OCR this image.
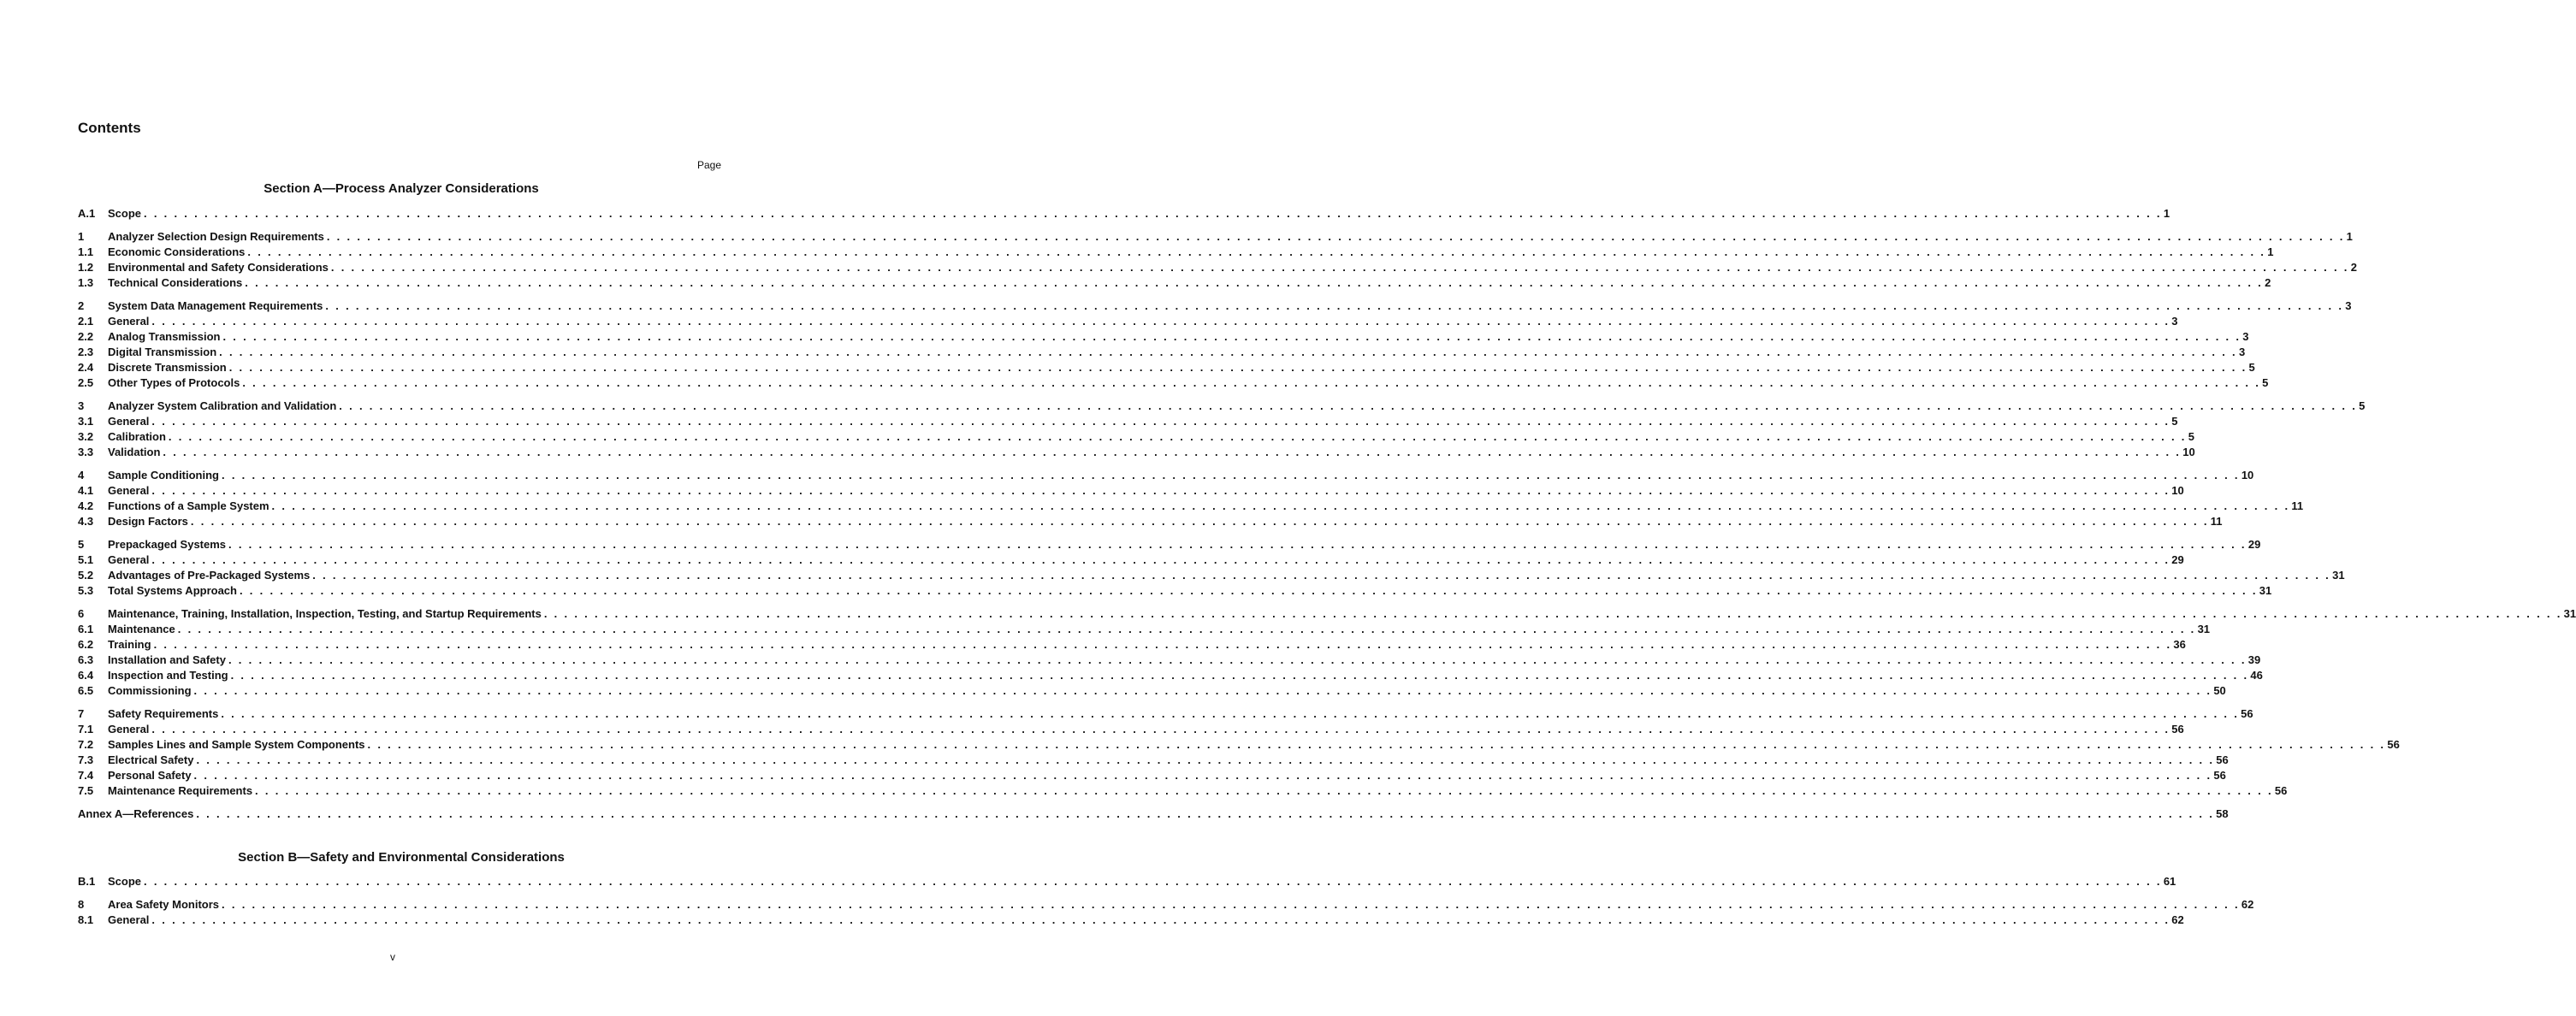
Contents
Page
Section A—Process Analyzer Considerations
A.1	Scope . . . . . . . . . . . . . . . . . . . . . . . . . . . . . . . . . . . . . . . . . . . . . . . . . . . . . . . . . . . . . . . . . . . . . . . . . . . . . . . . . . . . . . . . . . . . . . . . . . . . . . . . . . . . . . . . . . . . . . . . . . . . . . . . . . . . . . . . . . . . . . . . . . . . . . . . . . . . . . . . . . . . . . . . . . . . . . . . . . . . . . . . . . . . . . . . . . . . . . . . 1
1	Analyzer Selection Design Requirements . . . . . . . . . . . . . . . . . . . . . . . . . . . . . . . . . . . . . . . . . . . . . . . . . . . . . . . . . . . . . . . . . . . . . . . . . . . . . . . . . . . . . . . . . . . . . . . . . . . . . . . . . . . . . . . . . . . . . . . . . . . . . . . . . . . . . . . . . . . . . . . . . . . . . . . . . . . . . . . . . . . . . . . . . . . . . . . . . . . . . . . . . . . . . . . . . . . . . . . . 1
1.1	Economic Considerations . . . . . . . . . . . . . . . . . . . . . . . . . . . . . . . . . . . . . . . . . . . . . . . . . . . . . . . . . . . . . . . . . . . . . . . . . . . . . . . . . . . . . . . . . . . . . . . . . . . . . . . . . . . . . . . . . . . . . . . . . . . . . . . . . . . . . . . . . . . . . . . . . . . . . . . . . . . . . . . . . . . . . . . . . . . . . . . . . . . . . . . . . . . . . . . . . . . . . . . . 1
1.2	Environmental and Safety Considerations . . . . . . . . . . . . . . . . . . . . . . . . . . . . . . . . . . . . . . . . . . . . . . . . . . . . . . . . . . . . . . . . . . . . . . . . . . . . . . . . . . . . . . . . . . . . . . . . . . . . . . . . . . . . . . . . . . . . . . . . . . . . . . . . . . . . . . . . . . . . . . . . . . . . . . . . . . . . . . . . . . . . . . . . . . . . . . . . . . . . . . . . . . . . . . . . . . . . . . . . 2
1.3	Technical Considerations . . . . . . . . . . . . . . . . . . . . . . . . . . . . . . . . . . . . . . . . . . . . . . . . . . . . . . . . . . . . . . . . . . . . . . . . . . . . . . . . . . . . . . . . . . . . . . . . . . . . . . . . . . . . . . . . . . . . . . . . . . . . . . . . . . . . . . . . . . . . . . . . . . . . . . . . . . . . . . . . . . . . . . . . . . . . . . . . . . . . . . . . . . . . . . . . . . . . . . . . 2
2	System Data Management Requirements . . . . . . . . . . . . . . . . . . . . . . . . . . . . . . . . . . . . . . . . . . . . . . . . . . . . . . . . . . . . . . . . . . . . . . . . . . . . . . . . . . . . . . . . . . . . . . . . . . . . . . . . . . . . . . . . . . . . . . . . . . . . . . . . . . . . . . . . . . . . . . . . . . . . . . . . . . . . . . . . . . . . . . . . . . . . . . . . . . . . . . . . . . . . . . . . . . . . . . . . 3
2.1	General . . . . . . . . . . . . . . . . . . . . . . . . . . . . . . . . . . . . . . . . . . . . . . . . . . . . . . . . . . . . . . . . . . . . . . . . . . . . . . . . . . . . . . . . . . . . . . . . . . . . . . . . . . . . . . . . . . . . . . . . . . . . . . . . . . . . . . . . . . . . . . . . . . . . . . . . . . . . . . . . . . . . . . . . . . . . . . . . . . . . . . . . . . . . . . . . . . . . . . . . 3
2.2	Analog Transmission . . . . . . . . . . . . . . . . . . . . . . . . . . . . . . . . . . . . . . . . . . . . . . . . . . . . . . . . . . . . . . . . . . . . . . . . . . . . . . . . . . . . . . . . . . . . . . . . . . . . . . . . . . . . . . . . . . . . . . . . . . . . . . . . . . . . . . . . . . . . . . . . . . . . . . . . . . . . . . . . . . . . . . . . . . . . . . . . . . . . . . . . . . . . . . . . . . . . . . . . 3
2.3	Digital Transmission . . . . . . . . . . . . . . . . . . . . . . . . . . . . . . . . . . . . . . . . . . . . . . . . . . . . . . . . . . . . . . . . . . . . . . . . . . . . . . . . . . . . . . . . . . . . . . . . . . . . . . . . . . . . . . . . . . . . . . . . . . . . . . . . . . . . . . . . . . . . . . . . . . . . . . . . . . . . . . . . . . . . . . . . . . . . . . . . . . . . . . . . . . . . . . . . . . . . . . . . 3
2.4	Discrete Transmission . . . . . . . . . . . . . . . . . . . . . . . . . . . . . . . . . . . . . . . . . . . . . . . . . . . . . . . . . . . . . . . . . . . . . . . . . . . . . . . . . . . . . . . . . . . . . . . . . . . . . . . . . . . . . . . . . . . . . . . . . . . . . . . . . . . . . . . . . . . . . . . . . . . . . . . . . . . . . . . . . . . . . . . . . . . . . . . . . . . . . . . . . . . . . . . . . . . . . . . . 5
2.5	Other Types of Protocols . . . . . . . . . . . . . . . . . . . . . . . . . . . . . . . . . . . . . . . . . . . . . . . . . . . . . . . . . . . . . . . . . . . . . . . . . . . . . . . . . . . . . . . . . . . . . . . . . . . . . . . . . . . . . . . . . . . . . . . . . . . . . . . . . . . . . . . . . . . . . . . . . . . . . . . . . . . . . . . . . . . . . . . . . . . . . . . . . . . . . . . . . . . . . . . . . . . . . . . . 5
3	Analyzer System Calibration and Validation . . . . . . . . . . . . . . . . . . . . . . . . . . . . . . . . . . . . . . . . . . . . . . . . . . . . . . . . . . . . . . . . . . . . . . . . . . . . . . . . . . . . . . . . . . . . . . . . . . . . . . . . . . . . . . . . . . . . . . . . . . . . . . . . . . . . . . . . . . . . . . . . . . . . . . . . . . . . . . . . . . . . . . . . . . . . . . . . . . . . . . . . . . . . . . . . . . . . . . . . 5
3.1	General . . . . . . . . . . . . . . . . . . . . . . . . . . . . . . . . . . . . . . . . . . . . . . . . . . . . . . . . . . . . . . . . . . . . . . . . . . . . . . . . . . . . . . . . . . . . . . . . . . . . . . . . . . . . . . . . . . . . . . . . . . . . . . . . . . . . . . . . . . . . . . . . . . . . . . . . . . . . . . . . . . . . . . . . . . . . . . . . . . . . . . . . . . . . . . . . . . . . . . . . 5
3.2	Calibration . . . . . . . . . . . . . . . . . . . . . . . . . . . . . . . . . . . . . . . . . . . . . . . . . . . . . . . . . . . . . . . . . . . . . . . . . . . . . . . . . . . . . . . . . . . . . . . . . . . . . . . . . . . . . . . . . . . . . . . . . . . . . . . . . . . . . . . . . . . . . . . . . . . . . . . . . . . . . . . . . . . . . . . . . . . . . . . . . . . . . . . . . . . . . . . . . . . . . . . . 5
3.3	Validation . . . . . . . . . . . . . . . . . . . . . . . . . . . . . . . . . . . . . . . . . . . . . . . . . . . . . . . . . . . . . . . . . . . . . . . . . . . . . . . . . . . . . . . . . . . . . . . . . . . . . . . . . . . . . . . . . . . . . . . . . . . . . . . . . . . . . . . . . . . . . . . . . . . . . . . . . . . . . . . . . . . . . . . . . . . . . . . . . . . . . . . . . . . . . . . . . . . . . . . . 10
4	Sample Conditioning . . . . . . . . . . . . . . . . . . . . . . . . . . . . . . . . . . . . . . . . . . . . . . . . . . . . . . . . . . . . . . . . . . . . . . . . . . . . . . . . . . . . . . . . . . . . . . . . . . . . . . . . . . . . . . . . . . . . . . . . . . . . . . . . . . . . . . . . . . . . . . . . . . . . . . . . . . . . . . . . . . . . . . . . . . . . . . . . . . . . . . . . . . . . . . . . . . . . . . . . 10
4.1	General . . . . . . . . . . . . . . . . . . . . . . . . . . . . . . . . . . . . . . . . . . . . . . . . . . . . . . . . . . . . . . . . . . . . . . . . . . . . . . . . . . . . . . . . . . . . . . . . . . . . . . . . . . . . . . . . . . . . . . . . . . . . . . . . . . . . . . . . . . . . . . . . . . . . . . . . . . . . . . . . . . . . . . . . . . . . . . . . . . . . . . . . . . . . . . . . . . . . . . . . 10
4.2	Functions of a Sample System . . . . . . . . . . . . . . . . . . . . . . . . . . . . . . . . . . . . . . . . . . . . . . . . . . . . . . . . . . . . . . . . . . . . . . . . . . . . . . . . . . . . . . . . . . . . . . . . . . . . . . . . . . . . . . . . . . . . . . . . . . . . . . . . . . . . . . . . . . . . . . . . . . . . . . . . . . . . . . . . . . . . . . . . . . . . . . . . . . . . . . . . . . . . . . . . . . . . . . . . 11
4.3	Design Factors . . . . . . . . . . . . . . . . . . . . . . . . . . . . . . . . . . . . . . . . . . . . . . . . . . . . . . . . . . . . . . . . . . . . . . . . . . . . . . . . . . . . . . . . . . . . . . . . . . . . . . . . . . . . . . . . . . . . . . . . . . . . . . . . . . . . . . . . . . . . . . . . . . . . . . . . . . . . . . . . . . . . . . . . . . . . . . . . . . . . . . . . . . . . . . . . . . . . . . . . 11
5	Prepackaged Systems . . . . . . . . . . . . . . . . . . . . . . . . . . . . . . . . . . . . . . . . . . . . . . . . . . . . . . . . . . . . . . . . . . . . . . . . . . . . . . . . . . . . . . . . . . . . . . . . . . . . . . . . . . . . . . . . . . . . . . . . . . . . . . . . . . . . . . . . . . . . . . . . . . . . . . . . . . . . . . . . . . . . . . . . . . . . . . . . . . . . . . . . . . . . . . . . . . . . . . . . 29
5.1	General . . . . . . . . . . . . . . . . . . . . . . . . . . . . . . . . . . . . . . . . . . . . . . . . . . . . . . . . . . . . . . . . . . . . . . . . . . . . . . . . . . . . . . . . . . . . . . . . . . . . . . . . . . . . . . . . . . . . . . . . . . . . . . . . . . . . . . . . . . . . . . . . . . . . . . . . . . . . . . . . . . . . . . . . . . . . . . . . . . . . . . . . . . . . . . . . . . . . . . . . 29
5.2	Advantages of Pre-Packaged Systems . . . . . . . . . . . . . . . . . . . . . . . . . . . . . . . . . . . . . . . . . . . . . . . . . . . . . . . . . . . . . . . . . . . . . . . . . . . . . . . . . . . . . . . . . . . . . . . . . . . . . . . . . . . . . . . . . . . . . . . . . . . . . . . . . . . . . . . . . . . . . . . . . . . . . . . . . . . . . . . . . . . . . . . . . . . . . . . . . . . . . . . . . . . . . . . . . . . . . . . . 31
5.3	Total Systems Approach . . . . . . . . . . . . . . . . . . . . . . . . . . . . . . . . . . . . . . . . . . . . . . . . . . . . . . . . . . . . . . . . . . . . . . . . . . . . . . . . . . . . . . . . . . . . . . . . . . . . . . . . . . . . . . . . . . . . . . . . . . . . . . . . . . . . . . . . . . . . . . . . . . . . . . . . . . . . . . . . . . . . . . . . . . . . . . . . . . . . . . . . . . . . . . . . . . . . . . . . 31
6	Maintenance, Training, Installation, Inspection, Testing, and Startup Requirements . . . . . . . . . . . . . . . . . . . . . . . . . . . . . . . . . . . . . . . . . . . . . . . . . . . . . . . . . . . . . . . . . . . . . . . . . . . . . . . . . . . . . . . . . . . . . . . . . . . . . . . . . . . . . . . . . . . . . . . . . . . . . . . . . . . . . . . . . . . . . . . . . . . . . . . . . . . . . . . . . . . . . . . . . . . . . . . . . . . . . . . . . . . . . . . . . . . . . . . . 31
6.1	Maintenance . . . . . . . . . . . . . . . . . . . . . . . . . . . . . . . . . . . . . . . . . . . . . . . . . . . . . . . . . . . . . . . . . . . . . . . . . . . . . . . . . . . . . . . . . . . . . . . . . . . . . . . . . . . . . . . . . . . . . . . . . . . . . . . . . . . . . . . . . . . . . . . . . . . . . . . . . . . . . . . . . . . . . . . . . . . . . . . . . . . . . . . . . . . . . . . . . . . . . . . . 31
6.2	Training . . . . . . . . . . . . . . . . . . . . . . . . . . . . . . . . . . . . . . . . . . . . . . . . . . . . . . . . . . . . . . . . . . . . . . . . . . . . . . . . . . . . . . . . . . . . . . . . . . . . . . . . . . . . . . . . . . . . . . . . . . . . . . . . . . . . . . . . . . . . . . . . . . . . . . . . . . . . . . . . . . . . . . . . . . . . . . . . . . . . . . . . . . . . . . . . . . . . . . . . 36
6.3	Installation and Safety . . . . . . . . . . . . . . . . . . . . . . . . . . . . . . . . . . . . . . . . . . . . . . . . . . . . . . . . . . . . . . . . . . . . . . . . . . . . . . . . . . . . . . . . . . . . . . . . . . . . . . . . . . . . . . . . . . . . . . . . . . . . . . . . . . . . . . . . . . . . . . . . . . . . . . . . . . . . . . . . . . . . . . . . . . . . . . . . . . . . . . . . . . . . . . . . . . . . . . . . 39
6.4	Inspection and Testing . . . . . . . . . . . . . . . . . . . . . . . . . . . . . . . . . . . . . . . . . . . . . . . . . . . . . . . . . . . . . . . . . . . . . . . . . . . . . . . . . . . . . . . . . . . . . . . . . . . . . . . . . . . . . . . . . . . . . . . . . . . . . . . . . . . . . . . . . . . . . . . . . . . . . . . . . . . . . . . . . . . . . . . . . . . . . . . . . . . . . . . . . . . . . . . . . . . . . . . . 46
6.5	Commissioning . . . . . . . . . . . . . . . . . . . . . . . . . . . . . . . . . . . . . . . . . . . . . . . . . . . . . . . . . . . . . . . . . . . . . . . . . . . . . . . . . . . . . . . . . . . . . . . . . . . . . . . . . . . . . . . . . . . . . . . . . . . . . . . . . . . . . . . . . . . . . . . . . . . . . . . . . . . . . . . . . . . . . . . . . . . . . . . . . . . . . . . . . . . . . . . . . . . . . . . . 50
7	Safety Requirements . . . . . . . . . . . . . . . . . . . . . . . . . . . . . . . . . . . . . . . . . . . . . . . . . . . . . . . . . . . . . . . . . . . . . . . . . . . . . . . . . . . . . . . . . . . . . . . . . . . . . . . . . . . . . . . . . . . . . . . . . . . . . . . . . . . . . . . . . . . . . . . . . . . . . . . . . . . . . . . . . . . . . . . . . . . . . . . . . . . . . . . . . . . . . . . . . . . . . . . . 56
7.1	General . . . . . . . . . . . . . . . . . . . . . . . . . . . . . . . . . . . . . . . . . . . . . . . . . . . . . . . . . . . . . . . . . . . . . . . . . . . . . . . . . . . . . . . . . . . . . . . . . . . . . . . . . . . . . . . . . . . . . . . . . . . . . . . . . . . . . . . . . . . . . . . . . . . . . . . . . . . . . . . . . . . . . . . . . . . . . . . . . . . . . . . . . . . . . . . . . . . . . . . . 56
7.2	Samples Lines and Sample System Components . . . . . . . . . . . . . . . . . . . . . . . . . . . . . . . . . . . . . . . . . . . . . . . . . . . . . . . . . . . . . . . . . . . . . . . . . . . . . . . . . . . . . . . . . . . . . . . . . . . . . . . . . . . . . . . . . . . . . . . . . . . . . . . . . . . . . . . . . . . . . . . . . . . . . . . . . . . . . . . . . . . . . . . . . . . . . . . . . . . . . . . . . . . . . . . . . . . . . . . . 56
7.3	Electrical Safety . . . . . . . . . . . . . . . . . . . . . . . . . . . . . . . . . . . . . . . . . . . . . . . . . . . . . . . . . . . . . . . . . . . . . . . . . . . . . . . . . . . . . . . . . . . . . . . . . . . . . . . . . . . . . . . . . . . . . . . . . . . . . . . . . . . . . . . . . . . . . . . . . . . . . . . . . . . . . . . . . . . . . . . . . . . . . . . . . . . . . . . . . . . . . . . . . . . . . . . . 56
7.4	Personal Safety . . . . . . . . . . . . . . . . . . . . . . . . . . . . . . . . . . . . . . . . . . . . . . . . . . . . . . . . . . . . . . . . . . . . . . . . . . . . . . . . . . . . . . . . . . . . . . . . . . . . . . . . . . . . . . . . . . . . . . . . . . . . . . . . . . . . . . . . . . . . . . . . . . . . . . . . . . . . . . . . . . . . . . . . . . . . . . . . . . . . . . . . . . . . . . . . . . . . . . . . 56
7.5	Maintenance Requirements . . . . . . . . . . . . . . . . . . . . . . . . . . . . . . . . . . . . . . . . . . . . . . . . . . . . . . . . . . . . . . . . . . . . . . . . . . . . . . . . . . . . . . . . . . . . . . . . . . . . . . . . . . . . . . . . . . . . . . . . . . . . . . . . . . . . . . . . . . . . . . . . . . . . . . . . . . . . . . . . . . . . . . . . . . . . . . . . . . . . . . . . . . . . . . . . . . . . . . . . 56
Annex A—References . . . . . . . . . . . . . . . . . . . . . . . . . . . . . . . . . . . . . . . . . . . . . . . . . . . . . . . . . . . . . . . . . . . . . . . . . . . . . . . . . . . . . . . . . . . . . . . . . . . . . . . . . . . . . . . . . . . . . . . . . . . . . . . . . . . . . . . . . . . . . . . . . . . . . . . . . . . . . . . . . . . . . . . . . . . . . . . . . . . . . . . . . . . . . . . . . . . . . . . . 58
Section B—Safety and Environmental Considerations
B.1	Scope . . . . . . . . . . . . . . . . . . . . . . . . . . . . . . . . . . . . . . . . . . . . . . . . . . . . . . . . . . . . . . . . . . . . . . . . . . . . . . . . . . . . . . . . . . . . . . . . . . . . . . . . . . . . . . . . . . . . . . . . . . . . . . . . . . . . . . . . . . . . . . . . . . . . . . . . . . . . . . . . . . . . . . . . . . . . . . . . . . . . . . . . . . . . . . . . . . . . . . . . 61
8	Area Safety Monitors . . . . . . . . . . . . . . . . . . . . . . . . . . . . . . . . . . . . . . . . . . . . . . . . . . . . . . . . . . . . . . . . . . . . . . . . . . . . . . . . . . . . . . . . . . . . . . . . . . . . . . . . . . . . . . . . . . . . . . . . . . . . . . . . . . . . . . . . . . . . . . . . . . . . . . . . . . . . . . . . . . . . . . . . . . . . . . . . . . . . . . . . . . . . . . . . . . . . . . . . 62
8.1	General . . . . . . . . . . . . . . . . . . . . . . . . . . . . . . . . . . . . . . . . . . . . . . . . . . . . . . . . . . . . . . . . . . . . . . . . . . . . . . . . . . . . . . . . . . . . . . . . . . . . . . . . . . . . . . . . . . . . . . . . . . . . . . . . . . . . . . . . . . . . . . . . . . . . . . . . . . . . . . . . . . . . . . . . . . . . . . . . . . . . . . . . . . . . . . . . . . . . . . . . 62
v
